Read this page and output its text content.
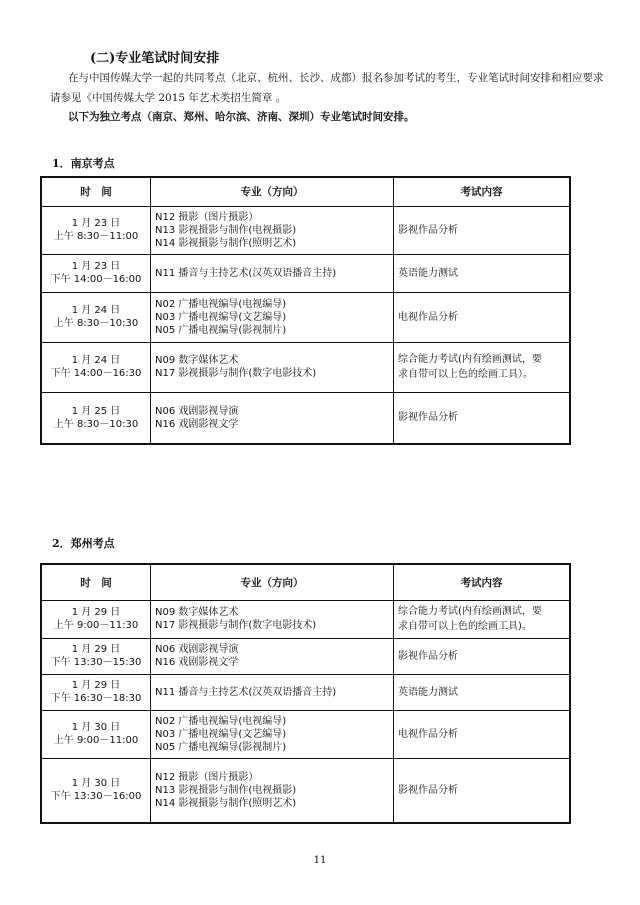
(二)专业笔试时间安排
在与中国传媒大学一起的共同考点（北京、杭州、长沙、成都）报名参加考试的考生，专业笔试时间安排和相应要求请参见《中国传媒大学 2015 年艺术类招生简章 。
以下为独立考点（南京、郑州、哈尔滨、济南、深圳）专业笔试时间安排。
1．南京考点
时　间	专业（方向）	考试内容

1 月 23 日
上午 8:30－11:00	N12 摄影（图片摄影）
N13 影视摄影与制作(电视摄影)
N14 影视摄影与制作(照明艺术)	影视作品分析

1 月 23 日
下午 14:00－16:00	N11 播音与主持艺术(汉英双语播音主持)	英语能力测试

1 月 24 日
上午 8:30－10:30	N02 广播电视编导(电视编导)
N03 广播电视编导(文艺编导)
N05 广播电视编导(影视制片)	电视作品分析

1 月 24 日
下午 14:00－16:30	N09 数字媒体艺术
N17 影视摄影与制作(数字电影技术)	综合能力考试(内有绘画测试，要
求自带可以上色的绘画工具）。

1 月 25 日
上午 8:30－10:30	N06 戏剧影视导演
N16 戏剧影视文学	影视作品分析
2．郑州考点
时　间	专业（方向）	考试内容

1 月 29 日
上午 9:00－11:30	N09 数字媒体艺术
N17 影视摄影与制作(数字电影技术)	综合能力考试(内有绘画测试，要
求自带可以上色的绘画工具)。

1 月 29 日
下午 13:30－15:30	N06 戏剧影视导演
N16 戏剧影视文学	影视作品分析

1 月 29 日
下午 16:30－18:30	N11 播音与主持艺术(汉英双语播音主持)	英语能力测试

1 月 30 日
上午 9:00－11:00	N02 广播电视编导(电视编导)
N03 广播电视编导(文艺编导)
N05 广播电视编导(影视制片)	电视作品分析

1 月 30 日
下午 13:30－16:00	N12 摄影（图片摄影）
N13 影视摄影与制作(电视摄影)
N14 影视摄影与制作(照明艺术)	影视作品分析
11
